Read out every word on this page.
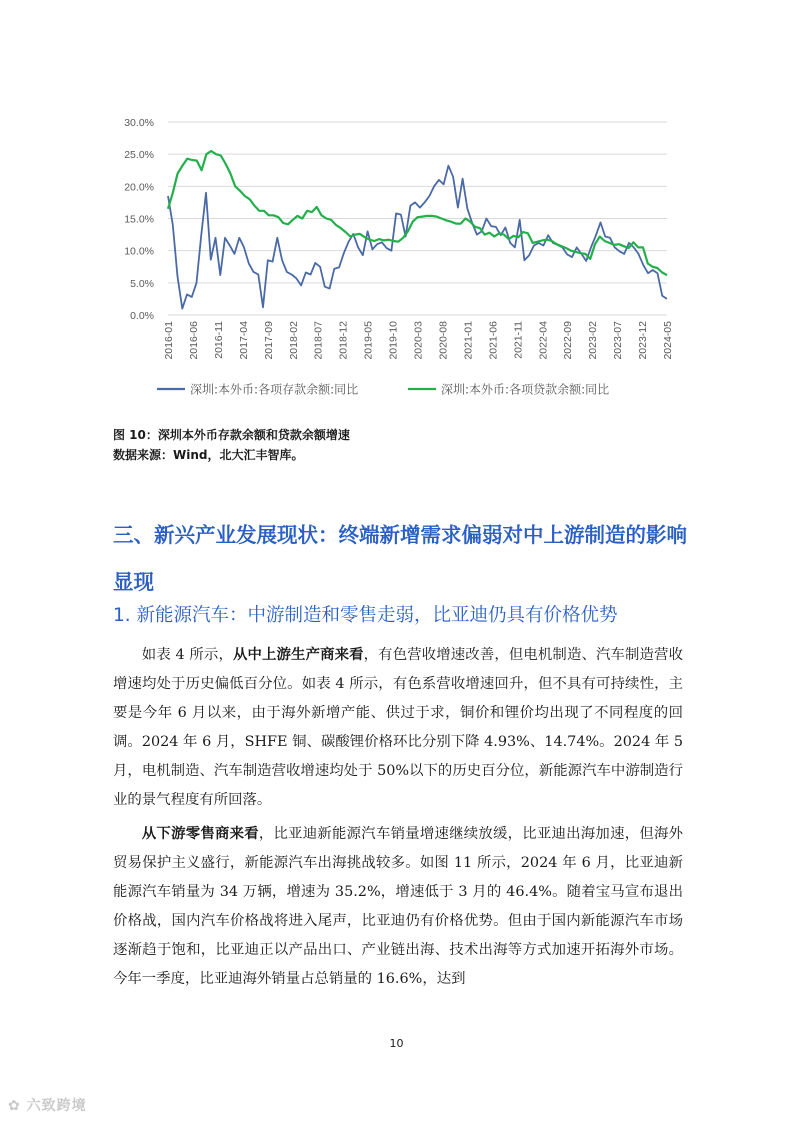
0.0%
5.0%
10.0%
15.0%
20.0%
25.0%
30.0%
2016-01 2016-06 2016-11 2017-04 2017-09 2018-02 2018-07 2018-12 2019-05 2019-10 2020-03 2020-08 2021-01 2021-06 2021-11 2022-04 2022-09 2023-02 2023-07 2023-12 2024-05
深圳:本外币:各项存款余额:同比	深圳:本外币:各项贷款余额:同比
图 10：深圳本外币存款余额和贷款余额增速
数据来源：Wind，北大汇丰智库。
三、新兴产业发展现状：终端新增需求偏弱对中上游制造的影响显现
1. 新能源汽车：中游制造和零售走弱，比亚迪仍具有价格优势

如表 4 所示，从中上游生产商来看，有色营收增速改善，但电机制造、汽车制造营收增速均处于历史偏低百分位。如表 4 所示，有色系营收增速回升，但不具有可持续性，主要是今年 6 月以来，由于海外新增产能、供过于求，铜价和锂价均出现了不同程度的回调。2024 年 6 月，SHFE 铜、碳酸锂价格环比分别下降 4.93%、14.74%。2024 年 5 月，电机制造、汽车制造营收增速均处于 50%以下的历史百分位，新能源汽车中游制造行业的景气程度有所回落。

从下游零售商来看，比亚迪新能源汽车销量增速继续放缓，比亚迪出海加速，但海外贸易保护主义盛行，新能源汽车出海挑战较多。如图 11 所示，2024 年 6 月，比亚迪新能源汽车销量为 34 万辆，增速为 35.2%，增速低于 3 月的 46.4%。随着宝马宣布退出价格战，国内汽车价格战将进入尾声，比亚迪仍有价格优势。但由于国内新能源汽车市场逐渐趋于饱和，比亚迪正以产品出口、产业链出海、技术出海等方式加速开拓海外市场。今年一季度，比亚迪海外销量占总销量的 16.6%，达到

10
✿ 六致跨境
